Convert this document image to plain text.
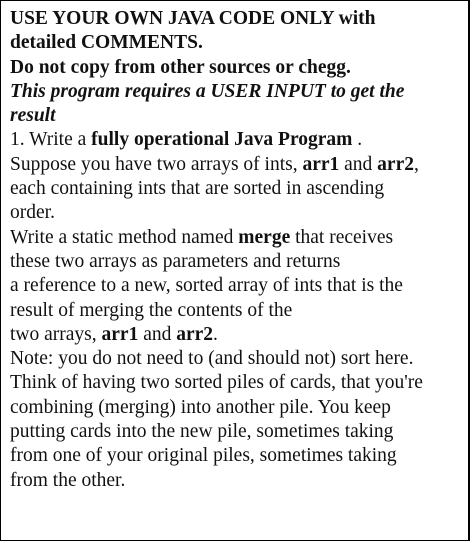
USE YOUR OWN JAVA CODE ONLY with
detailed COMMENTS.
Do not copy from other sources or chegg.
This program requires a USER INPUT to get the
result
1. Write a fully operational Java Program .
Suppose you have two arrays of ints, arr1 and arr2,
each containing ints that are sorted in ascending
order.
Write a static method named merge that receives
these two arrays as parameters and returns
a reference to a new, sorted array of ints that is the
result of merging the contents of the
two arrays, arr1 and arr2.
Note: you do not need to (and should not) sort here.
Think of having two sorted piles of cards, that you're
combining (merging) into another pile. You keep
putting cards into the new pile, sometimes taking
from one of your original piles, sometimes taking
from the other.
